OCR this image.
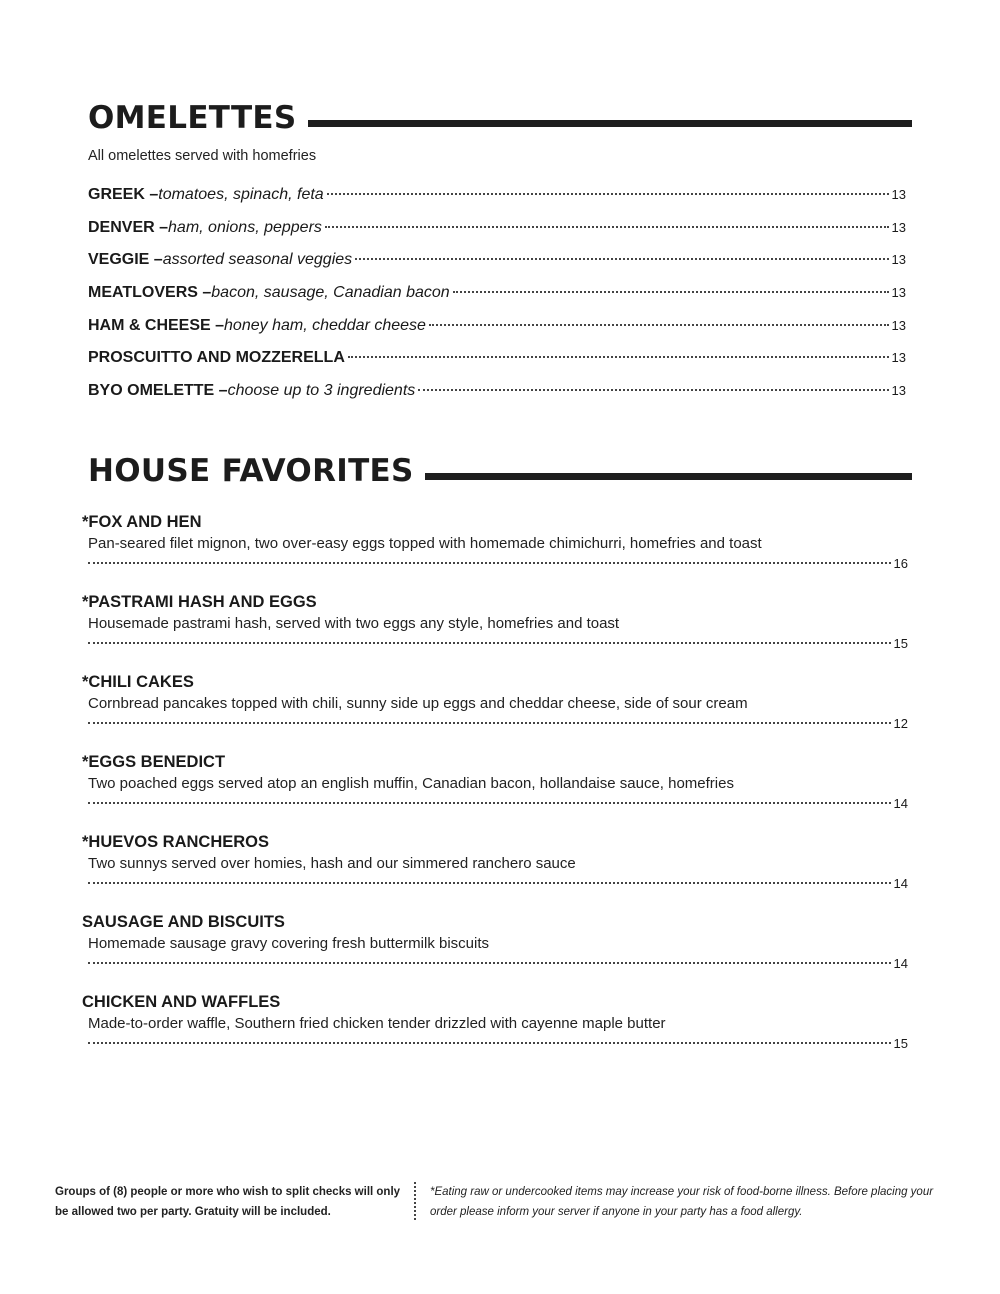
OMELETTES
All omelettes served with homefries
GREEK – tomatoes, spinach, feta	13
DENVER – ham, onions, peppers	13
VEGGIE – assorted seasonal veggies	13
MEATLOVERS – bacon, sausage, Canadian bacon	13
HAM & CHEESE – honey ham, cheddar cheese	13
PROSCUITTO AND MOZZERELLA	13
BYO OMELETTE – choose up to 3 ingredients	13
HOUSE FAVORITES
*FOX AND HEN
Pan-seared filet mignon, two over-easy eggs topped with homemade chimichurri, homefries and toast
16
*PASTRAMI HASH AND EGGS
Housemade pastrami hash, served with two eggs any style, homefries and toast
15
*CHILI CAKES
Cornbread pancakes topped with chili, sunny side up eggs and cheddar cheese, side of sour cream
12
*EGGS BENEDICT
Two poached eggs served atop an english muffin, Canadian bacon, hollandaise sauce, homefries
14
*HUEVOS RANCHEROS
Two sunnys served over homies, hash and our simmered ranchero sauce
14
SAUSAGE AND BISCUITS
Homemade sausage gravy covering fresh buttermilk biscuits
14
CHICKEN AND WAFFLES
Made-to-order waffle, Southern fried chicken tender drizzled with cayenne maple butter
15
Groups of (8) people or more who wish to split checks will only be allowed two per party. Gratuity will be included.
*Eating raw or undercooked items may increase your risk of food-borne illness. Before placing your order please inform your server if anyone in your party has a food allergy.
